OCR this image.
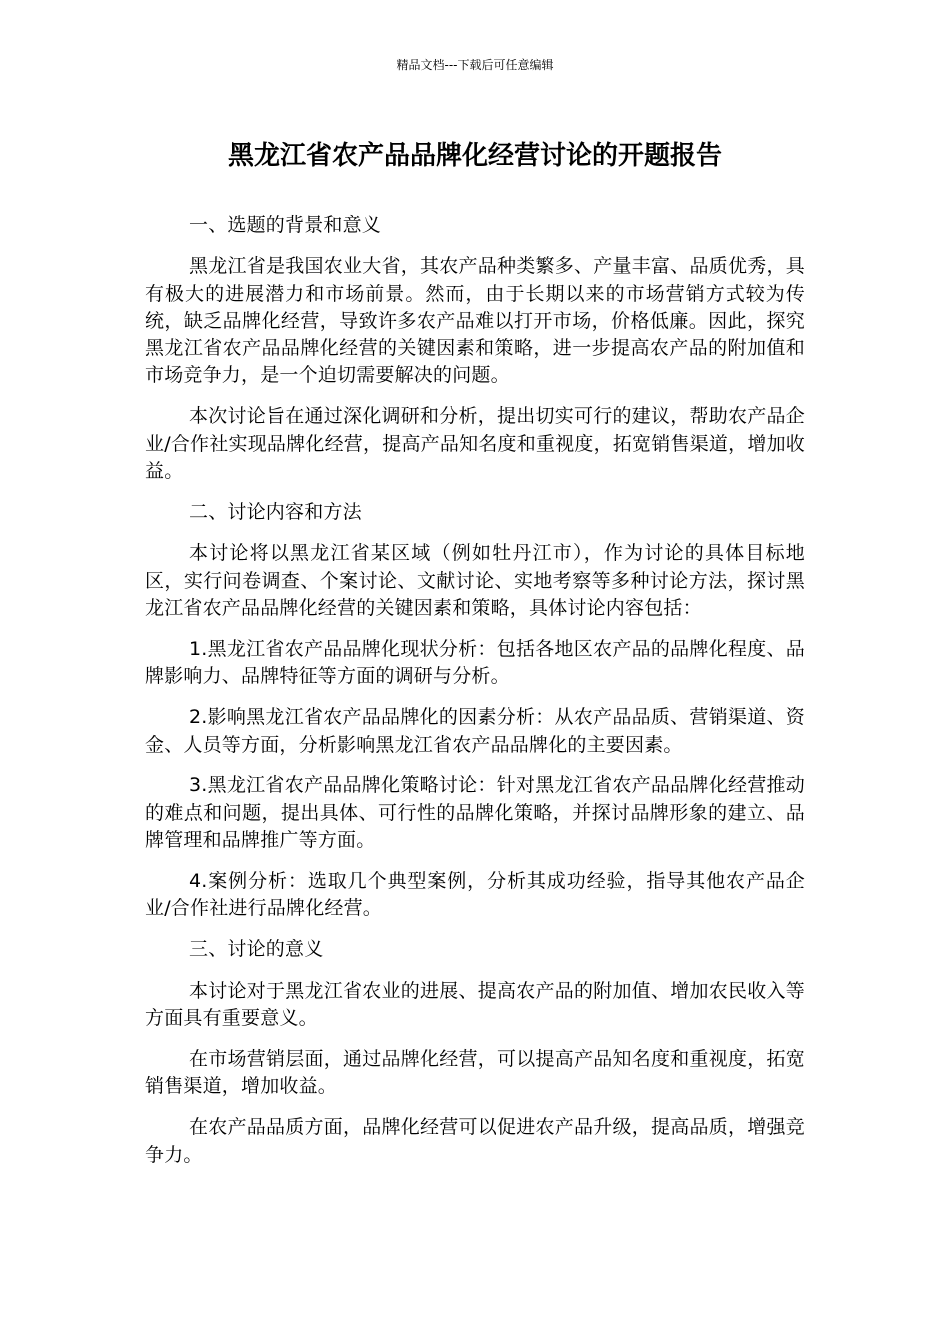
精品文档---下载后可任意编辑
黑龙江省农产品品牌化经营讨论的开题报告

一、选题的背景和意义

黑龙江省是我国农业大省，其农产品种类繁多、产量丰富、品质优秀，具有极大的进展潜力和市场前景。然而，由于长期以来的市场营销方式较为传统，缺乏品牌化经营，导致许多农产品难以打开市场，价格低廉。因此，探究黑龙江省农产品品牌化经营的关键因素和策略，进一步提高农产品的附加值和市场竞争力，是一个迫切需要解决的问题。

本次讨论旨在通过深化调研和分析，提出切实可行的建议，帮助农产品企业/合作社实现品牌化经营，提高产品知名度和重视度，拓宽销售渠道，增加收益。

二、讨论内容和方法

本讨论将以黑龙江省某区域（例如牡丹江市），作为讨论的具体目标地区，实行问卷调查、个案讨论、文献讨论、实地考察等多种讨论方法，探讨黑龙江省农产品品牌化经营的关键因素和策略，具体讨论内容包括：

1.黑龙江省农产品品牌化现状分析：包括各地区农产品的品牌化程度、品牌影响力、品牌特征等方面的调研与分析。

2.影响黑龙江省农产品品牌化的因素分析：从农产品品质、营销渠道、资金、人员等方面，分析影响黑龙江省农产品品牌化的主要因素。

3.黑龙江省农产品品牌化策略讨论：针对黑龙江省农产品品牌化经营推动的难点和问题，提出具体、可行性的品牌化策略，并探讨品牌形象的建立、品牌管理和品牌推广等方面。

4.案例分析：选取几个典型案例，分析其成功经验，指导其他农产品企业/合作社进行品牌化经营。

三、讨论的意义

本讨论对于黑龙江省农业的进展、提高农产品的附加值、增加农民收入等方面具有重要意义。

在市场营销层面，通过品牌化经营，可以提高产品知名度和重视度，拓宽销售渠道，增加收益。

在农产品品质方面，品牌化经营可以促进农产品升级，提高品质，增强竞争力。
